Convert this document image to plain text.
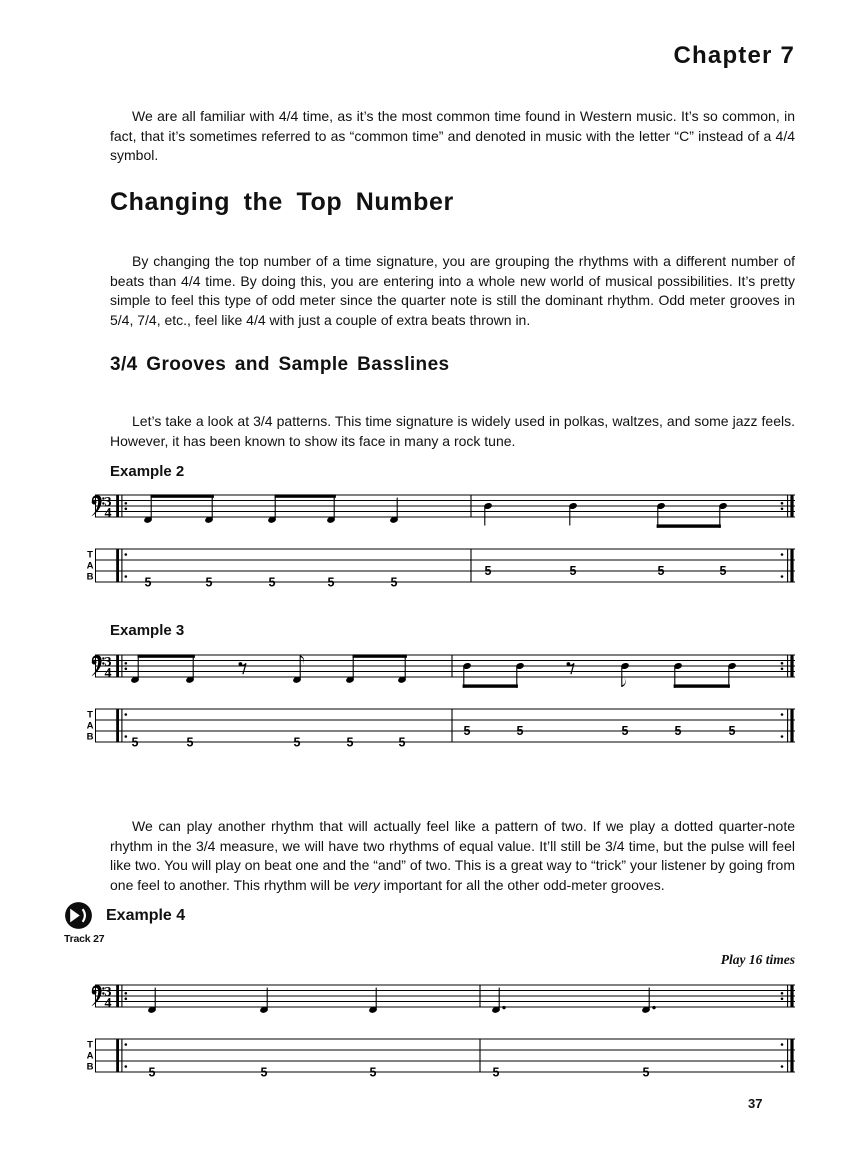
Chapter 7

We are all familiar with 4/4 time, as it’s the most common time found in Western music. It’s so common, in fact, that it’s sometimes referred to as “common time” and denoted in music with the letter “C” instead of a 4/4 symbol.

Changing the Top Number

By changing the top number of a time signature, you are grouping the rhythms with a different number of beats than 4/4 time. By doing this, you are entering into a whole new world of musical possibilities. It’s pretty simple to feel this type of odd meter since the quarter note is still the dominant rhythm. Odd meter grooves in 5/4, 7/4, etc., feel like 4/4 with just a couple of extra beats thrown in.

3/4 Grooves and Sample Basslines

Let’s take a look at 3/4 patterns. This time signature is widely used in polkas, waltzes, and some jazz feels. However, it has been known to show its face in many a rock tune.

Example 2
3
4
T
A
B	5	5	5	5	5
5	5	5	5
Example 3
3
4
T
A
B	5	5	5	5	5
5	5	5	5	5

We can play another rhythm that will actually feel like a pattern of two. If we play a dotted quarter-note rhythm in the 3/4 measure, we will have two rhythms of equal value. It’ll still be 3/4 time, but the pulse will feel like two. You will play on beat one and the “and” of two. This is a great way to “trick” your listener by going from one feel to another. This rhythm will be very important for all the other odd-meter grooves.

Example 4
Track 27
Play 16 times
3
4
T
A
B	5	5	5	5	5
37
